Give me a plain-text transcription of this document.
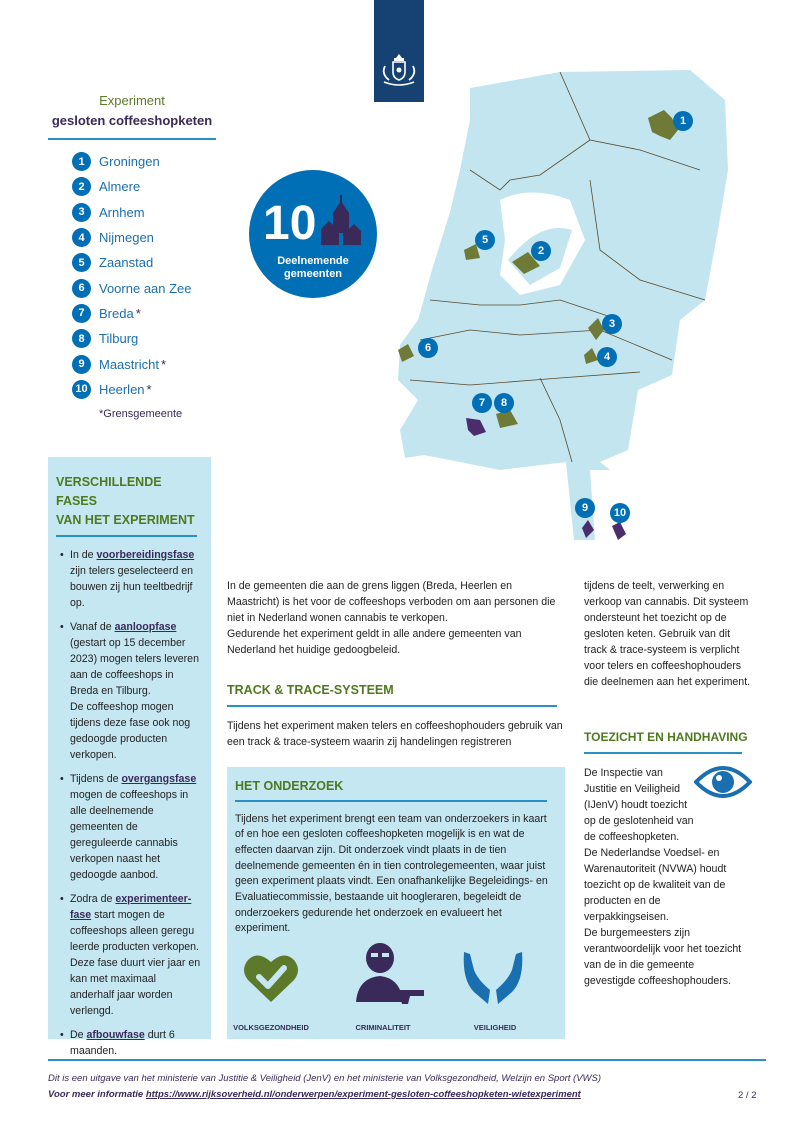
1
2
3
4
5
6
7	8
9	10
10
Deelnemende
gemeenten
Experiment
gesloten coffeeshopketen
1	Groningen
2	Almere
3	Arnhem
4	Nijmegen
5	Zaanstad
6	Voorne aan Zee
7	Breda *
8	Tilburg
9	Maastricht *
10 Heerlen *
*Grensgemeente
VERSCHILLENDE FASES
VAN HET EXPERIMENT
• In de voorbereidingsfase zijn telers geselecteerd en bouwen zij hun teeltbedrijf op.
• Vanaf de aanloopfase (gestart op 15 december 2023) mogen telers leveren aan de coffeeshops in Breda en Tilburg.
De coffeeshop mogen tijdens deze fase ook nog gedoogde producten verkopen.
• Tijdens de overgangsfase mogen de coffeeshops in alle deelnemende gemeenten de gereguleerde cannabis verkopen naast het gedoogde aanbod.
• Zodra de experimenteer-fase start mogen de coffeeshops alleen geregu leerde producten verkopen. Deze fase duurt vier jaar en kan met maximaal anderhalf jaar worden verlengd.
• De afbouwfase durt 6 maanden.

In de gemeenten die aan de grens liggen (Breda, Heerlen en Maastricht) is het voor de coffeeshops verboden om aan personen die niet in Nederland wonen cannabis te verkopen.

Gedurende het experiment geldt in alle andere gemeenten van Nederland het huidige gedoogbeleid.

TRACK & TRACE-SYSTEEM
Tijdens het experiment maken telers en coffeeshophouders gebruik van een track & trace-systeem waarin zij handelingen registreren
HET ONDERZOEK

Tijdens het experiment brengt een team van onderzoekers in kaart of en hoe een gesloten coffeeshopketen mogelijk is en wat de effecten daarvan zijn. Dit onderzoek vindt plaats in de tien deelnemende gemeenten én in tien controlegemeenten, waar juist geen experiment plaats vindt. Een onafhankelijke Begeleidings- en Evaluatiecommissie, bestaande uit hoogleraren, begeleidt de onderzoekers gedurende het onderzoek en evalueert het experiment.

VOLKSGEZONDHEID	CRIMINALITEIT	VEILIGHEID
tijdens de teelt, verwerking en verkoop van cannabis. Dit systeem ondersteunt het toezicht op de gesloten keten. Gebruik van dit track & trace-systeem is verplicht voor telers en coffeeshophouders die deelnemen aan het experiment.
TOEZICHT EN HANDHAVING

De Inspectie van Justitie en Veiligheid (IJenV) houdt toezicht op de geslotenheid van de coffeeshopketen.

De Nederlandse Voedsel- en Warenautoriteit (NVWA) houdt toezicht op de kwaliteit van de producten en de verpakkingseisen.

De burgemeesters zijn verantwoordelijk voor het toezicht van de in die gemeente gevestigde coffeeshophouders.

Dit is een uitgave van het ministerie van Justitie & Veiligheid (JenV) en het ministerie van Volksgezondheid, Welzijn en Sport (VWS)
Voor meer informatie https://www.rijksoverheid.nl/onderwerpen/experiment-gesloten-coffeeshopketen-wietexperiment	2 / 2
